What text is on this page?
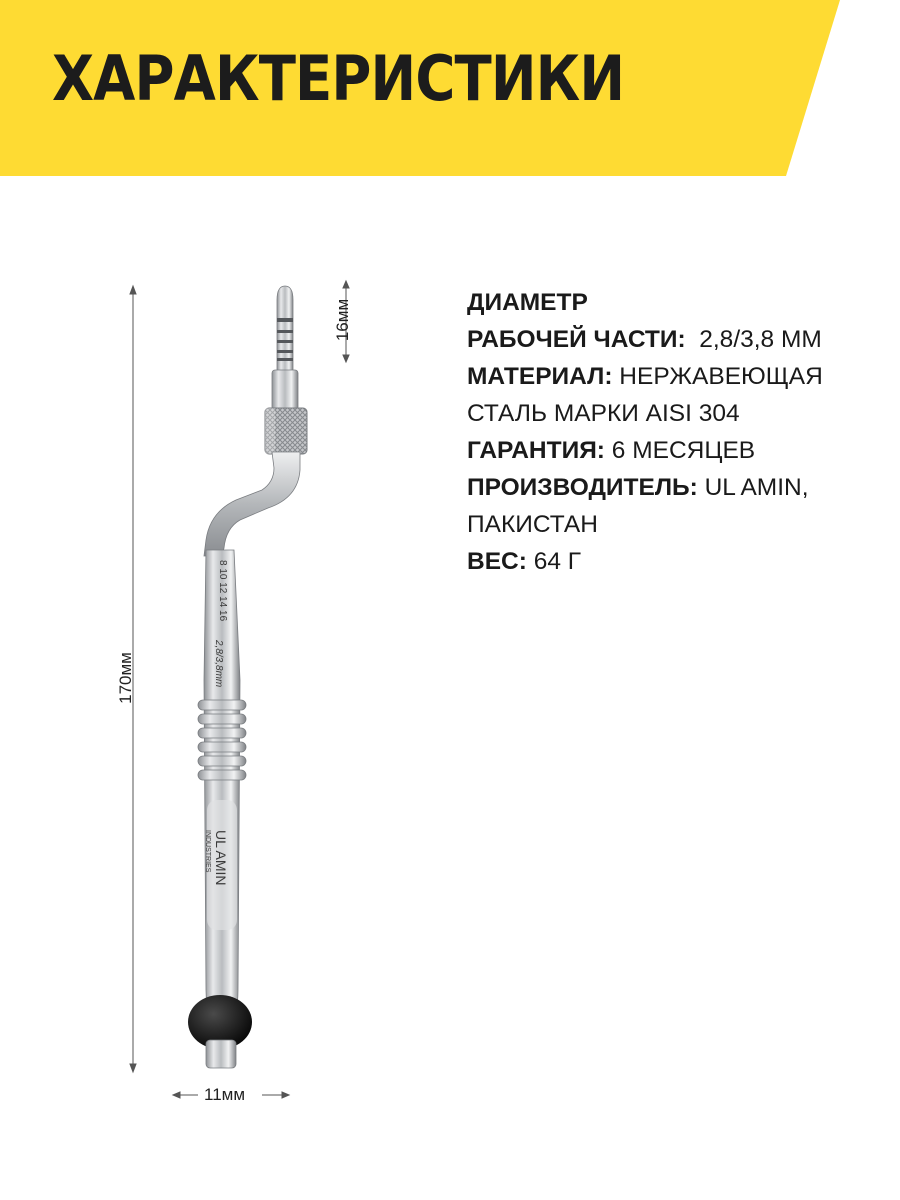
ХАРАКТЕРИСТИКИ
ДИАМЕТР
РАБОЧЕЙ ЧАСТИ:  2,8/3,8 ММ
МАТЕРИАЛ: НЕРЖАВЕЮЩАЯ
СТАЛЬ МАРКИ AISI 304
ГАРАНТИЯ: 6 МЕСЯЦЕВ
ПРОИЗВОДИТЕЛЬ: UL AMIN,
ПАКИСТАН
ВЕС: 64 Г
8 10 12 14 16
2,8/3,8mm
UL AMIN
INDUSTRIES
170мм
16мм
11мм
